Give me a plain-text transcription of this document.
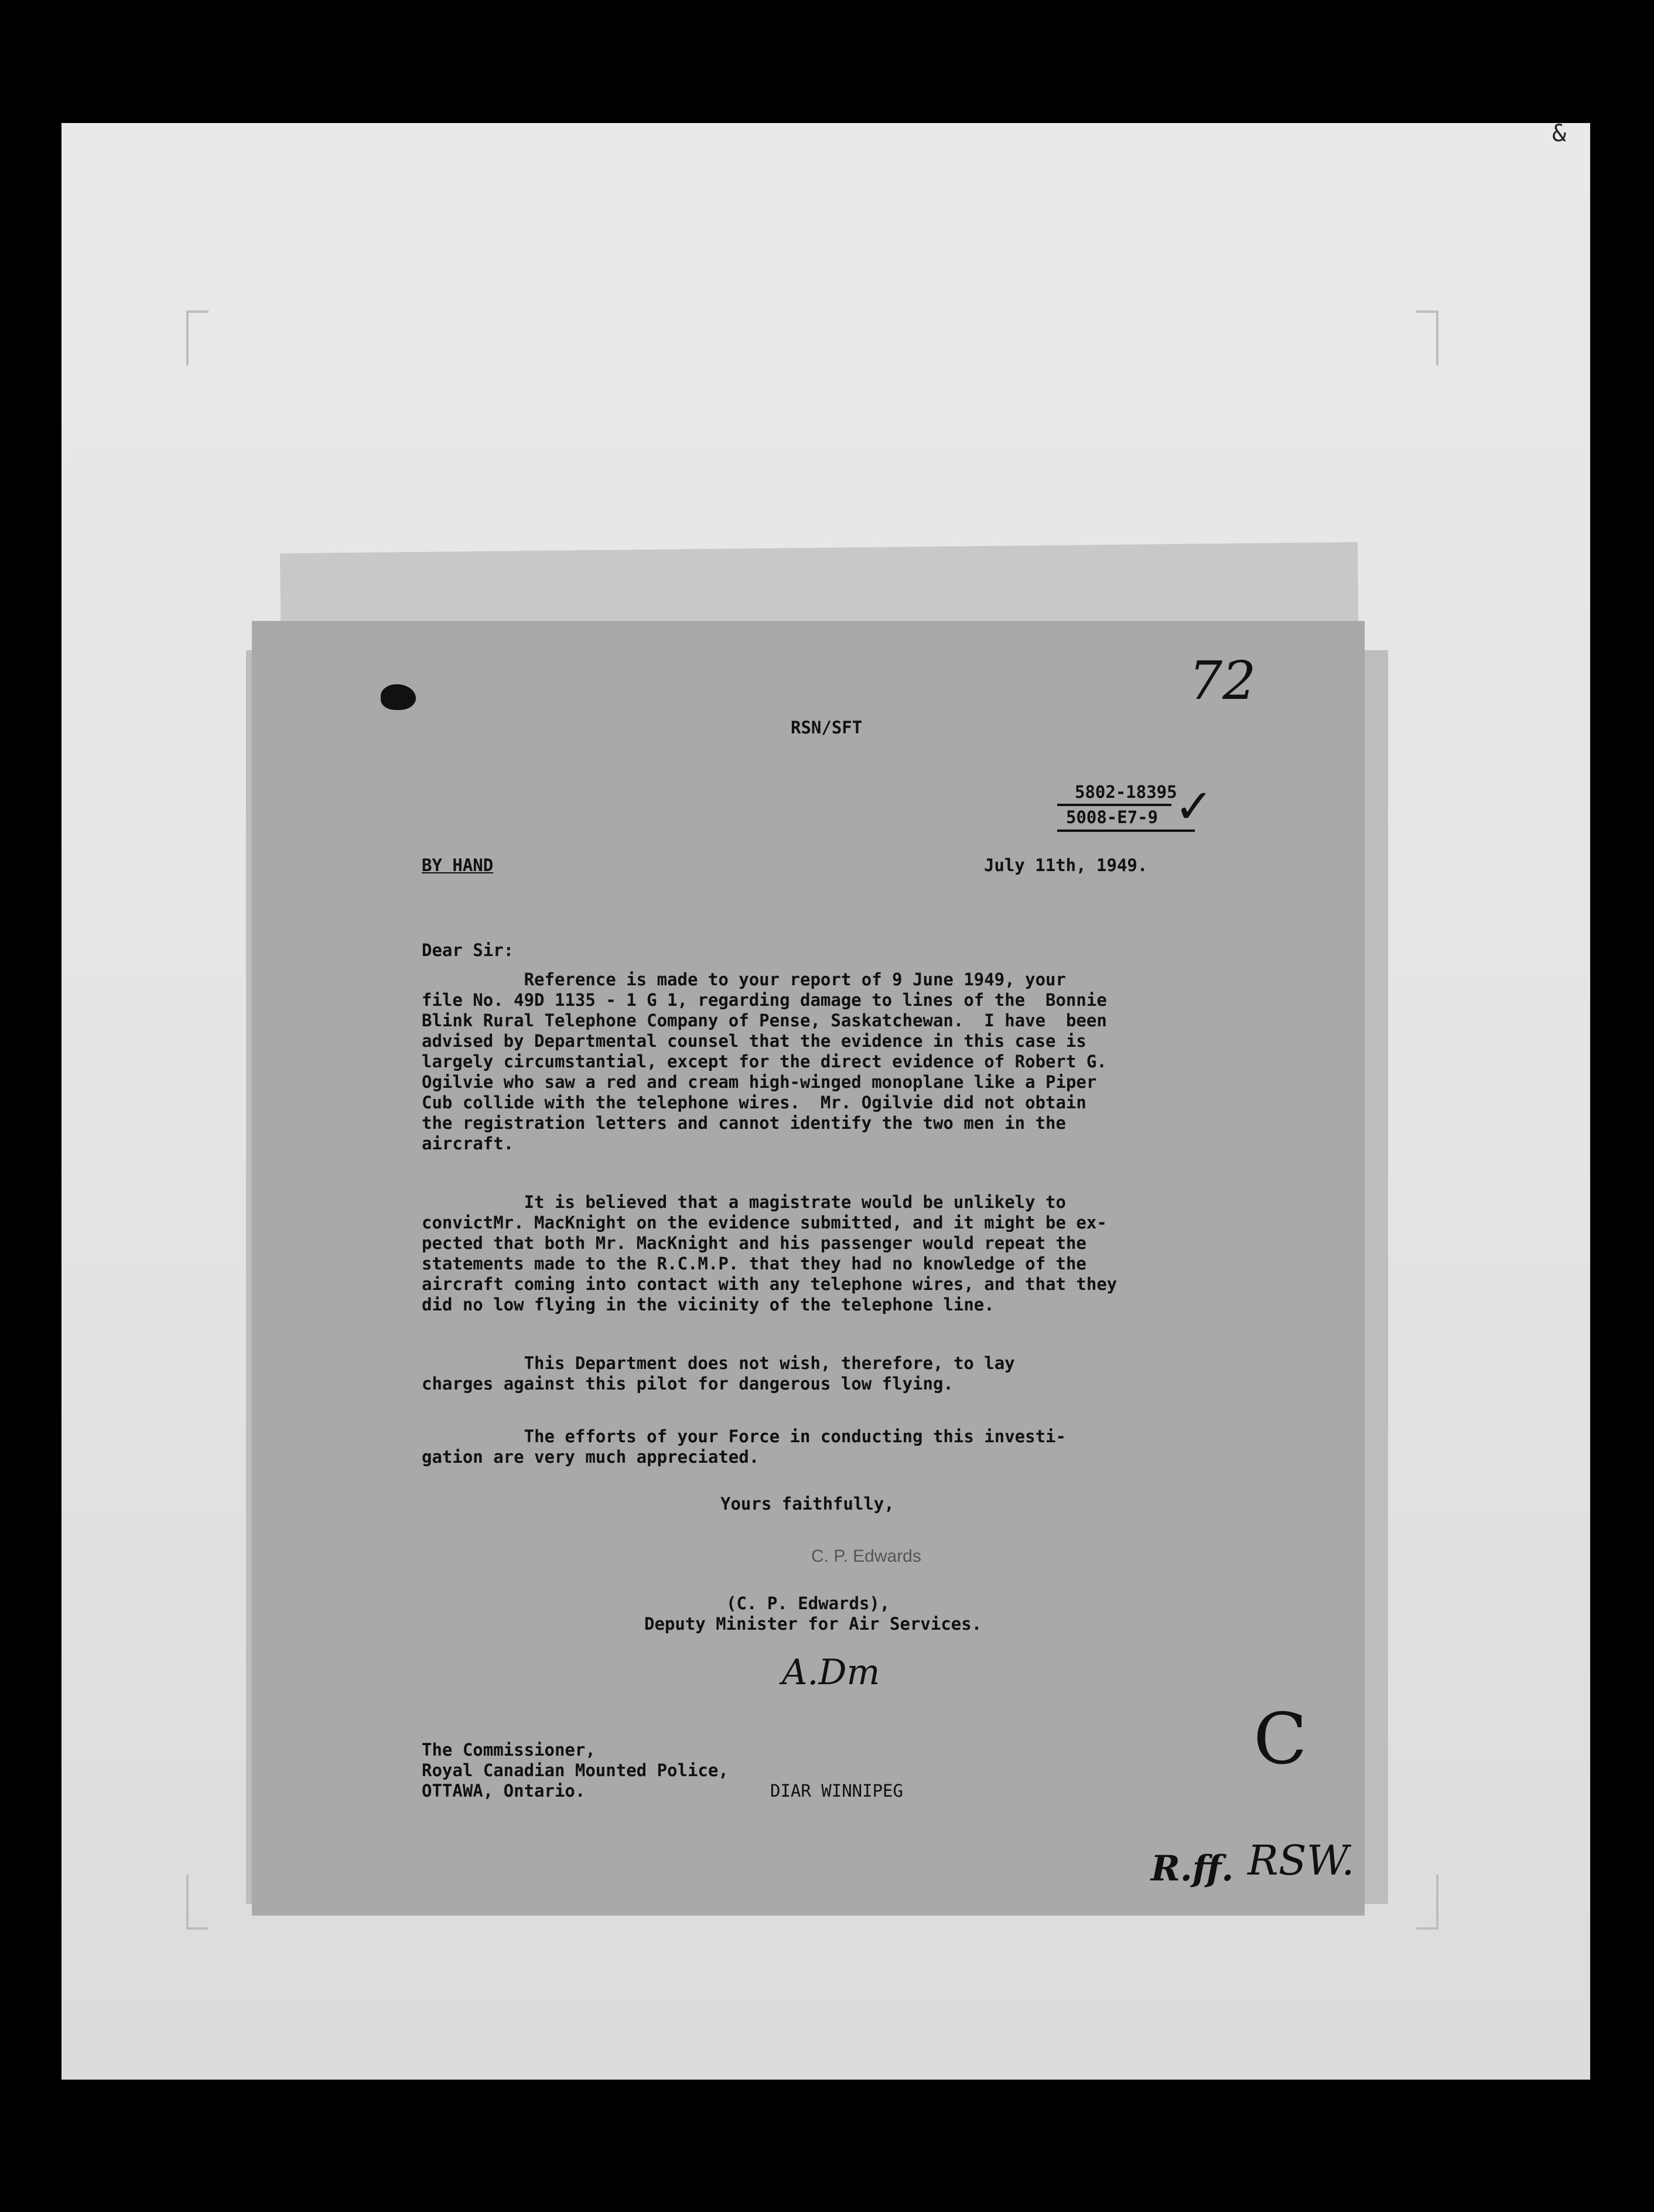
&
72
RSN/SFT
5802-18395
5008-E7-9 ✓
BY HAND	July 11th, 1949.
Dear Sir:
Reference is made to your report of 9 June 1949, your
file No. 49D 1135 - 1 G 1, regarding damage to lines of the  Bonnie
Blink Rural Telephone Company of Pense, Saskatchewan.  I have  been
advised by Departmental counsel that the evidence in this case is
largely circumstantial, except for the direct evidence of Robert G.
Ogilvie who saw a red and cream high-winged monoplane like a Piper
Cub collide with the telephone wires.  Mr. Ogilvie did not obtain
the registration letters and cannot identify the two men in the
aircraft.
It is believed that a magistrate would be unlikely to
convictMr. MacKnight on the evidence submitted, and it might be ex-
pected that both Mr. MacKnight and his passenger would repeat the
statements made to the R.C.M.P. that they had no knowledge of the
aircraft coming into contact with any telephone wires, and that they
did no low flying in the vicinity of the telephone line.
This Department does not wish, therefore, to lay
charges against this pilot for dangerous low flying.
The efforts of your Force in conducting this investi-
gation are very much appreciated.
Yours faithfully,
C. P. Edwards
(C. P. Edwards),
Deputy Minister for Air Services.
A.Dm
The Commissioner,
Royal Canadian Mounted Police,
OTTAWA, Ontario.	DIAR WINNIPEG
C
R.ff. RSW.
